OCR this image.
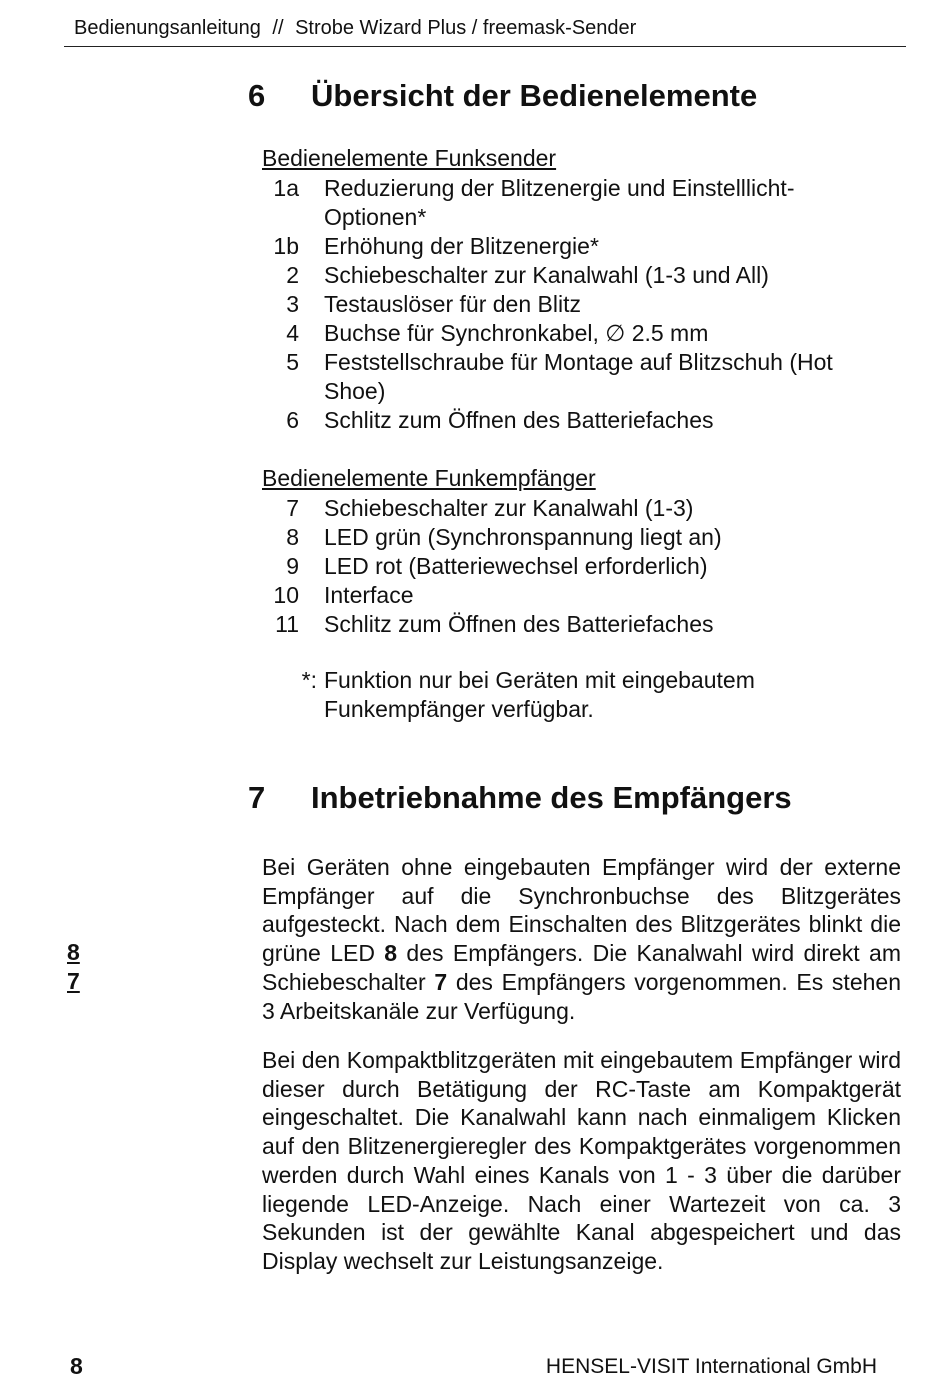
Bedienungsanleitung // Strobe Wizard Plus / freemask-Sender
6 Übersicht der Bedienelemente
Bedienelemente Funksender
1a Reduzierung der Blitzenergie und Einstelllicht-Optionen*
1b Erhöhung der Blitzenergie*
2 Schiebeschalter zur Kanalwahl (1-3 und All)
3 Testauslöser für den Blitz
4 Buchse für Synchronkabel, ∅ 2.5 mm
5 Feststellschraube für Montage auf Blitzschuh (Hot Shoe)
6 Schlitz zum Öffnen des Batteriefaches
Bedienelemente Funkempfänger
7 Schiebeschalter zur Kanalwahl (1-3)
8 LED grün (Synchronspannung liegt an)
9 LED rot (Batteriewechsel erforderlich)
10 Interface
11 Schlitz zum Öffnen des Batteriefaches
*: Funktion nur bei Geräten mit eingebautem Funkempfänger verfügbar.
7 Inbetriebnahme des Empfängers
8
7

Bei Geräten ohne eingebauten Empfänger wird der externe Empfänger auf die Synchronbuchse des Blitzgerätes aufgesteckt. Nach dem Einschalten des Blitzgerätes blinkt die grüne LED 8 des Empfängers. Die Kanalwahl wird direkt am Schiebeschalter 7 des Empfängers vorgenommen. Es stehen 3 Arbeitskanäle zur Verfügung.

Bei den Kompaktblitzgeräten mit eingebautem Empfänger wird dieser durch Betätigung der RC-Taste am Kompaktgerät eingeschaltet. Die Kanalwahl kann nach einmaligem Klicken auf den Blitzenergieregler des Kompaktgerätes vorgenommen werden durch Wahl eines Kanals von 1 - 3 über die darüber liegende LED-Anzeige. Nach einer Wartezeit von ca. 3 Sekunden ist der gewählte Kanal abgespeichert und das Display wechselt zur Leistungsanzeige.

8	HENSEL-VISIT International GmbH
